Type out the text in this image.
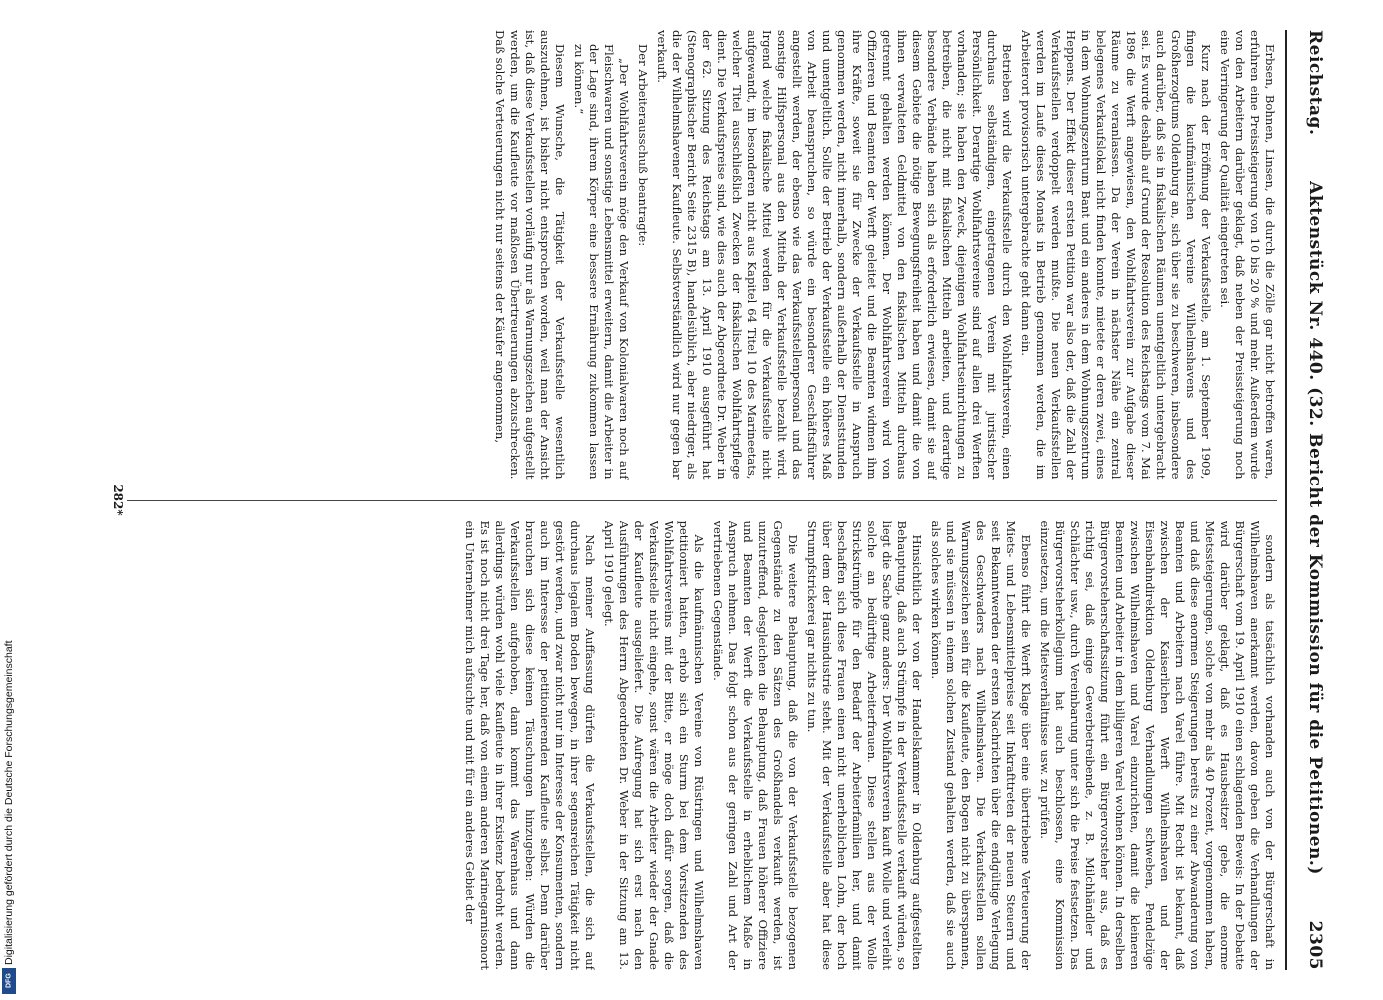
Digitalisierung gefördert durch die Deutsche Forschungsgemeinschaft
DFG
Reichstag.
Aktenstück Nr. 440. (32. Bericht der Kommission für die Petitionen.)
2305

Erbsen, Bohnen, Linsen, die durch die Zölle gar nicht betroffen waren, erfuhren eine Preissteigerung von 10 bis 20 % und mehr. Außerdem wurde von den Arbeitern darüber geklagt, daß neben der Preissteigerung noch eine Verringerung der Qualität eingetreten sei.

Kurz nach der Eröffnung der Verkaufsstelle, am 1. September 1909, fingen die kaufmännischen Vereine Wilhelmshavens und des Großherzogtums Oldenburg an, sich über sie zu beschweren, insbesondere auch darüber, daß sie in fiskalischen Räumen unentgeltlich untergebracht sei. Es wurde deshalb auf Grund der Resolution des Reichstags vom 7. Mai 1896 die Werft angewiesen, den Wohlfahrtsverein zur Aufgabe dieser Räume zu veranlassen. Da der Verein in nächster Nähe ein zentral belegenes Verkaufslokal nicht finden konnte, mietete er deren zwei, eines in dem Wohnungszentrum Bant und ein anderes in dem Wohnungszentrum Heppens. Der Effekt dieser ersten Petition war also der, daß die Zahl der Verkaufsstellen verdoppelt werden mußte. Die neuen Verkaufsstellen werden im Laufe dieses Monats in Betrieb genommen werden, die im Arbeiterort provisorisch untergebrachte geht dann ein.

Betrieben wird die Verkaufsstelle durch den Wohlfahrtsverein, einen durchaus selbständigen, eingetragenen Verein mit juristischer Persönlichkeit. Derartige Wohlfahrtsvereine sind auf allen drei Werften vorhanden; sie haben den Zweck, diejenigen Wohlfahrtseinrichtungen zu betreiben, die nicht mit fiskalischen Mitteln arbeiten, und derartige besondere Verbände haben sich als erforderlich erwiesen, damit sie auf diesem Gebiete die nötige Bewegungsfreiheit haben und damit die von ihnen verwalteten Geldmittel von den fiskalischen Mitteln durchaus getrennt gehalten werden können. Der Wohlfahrtsverein wird von Offizieren und Beamten der Werft geleitet und die Beamten widmen ihm ihre Kräfte, soweit sie für Zwecke der Verkaufsstelle in Anspruch genommen werden, nicht innerhalb, sondern außerhalb der Dienststunden und unentgeltlich. Sollte der Betrieb der Verkaufsstelle ein höheres Maß von Arbeit beanspruchen, so würde ein besonderer Geschäftsführer angestellt werden, der ebenso wie das Verkaufsstellenpersonal und das sonstige Hilfspersonal aus den Mitteln der Verkaufsstelle bezahlt wird. Irgend welche fiskalische Mittel werden für die Verkaufsstelle nicht aufgewandt, im besonderen nicht aus Kapitel 64 Titel 10 des Marineetats, welcher Titel ausschließlich Zwecken der fiskalischen Wohlfahrtspflege dient. Die Verkaufspreise sind, wie dies auch der Abgeordnete Dr. Weber in der 62. Sitzung des Reichstags am 13. April 1910 ausgeführt hat (Stenographischer Bericht Seite 2315 B), handelsüblich, aber niedriger, als die der Wilhelmshavener Kaufleute. Selbstverständlich wird nur gegen bar verkauft.

Der Arbeiterausschuß beantragte:

„Der Wohlfahrtsverein möge den Verkauf von Kolonialwaren noch auf Fleischwaren und sonstige Lebensmittel erweitern, damit die Arbeiter in der Lage sind, ihrem Körper eine bessere Ernährung zukommen lassen zu können.“

Diesem Wunsche, die Tätigkeit der Verkaufsstelle wesentlich auszudehnen, ist bisher nicht entsprochen worden, weil man der Ansicht ist, daß diese Verkaufsstellen vorläufig nur als Warnungszeichen aufgestellt werden, um die Kaufleute vor maßlosen Übertreuerungen abzuschrecken. Daß solche Verteuerungen nicht nur seitens der Käufer angenommen,

sondern als tatsächlich vorhanden auch von der Bürgerschaft in Wilhelmshaven anerkannt werden, davon geben die Verhandlungen der Bürgerschaft vom 19. April 1910 einen schlagenden Beweis: In der Debatte wird darüber geklagt, daß es Hausbesitzer gebe, die enorme Mietssteigerungen, solche von mehr als 40 Prozent, vorgenommen haben, und daß diese enormen Steigerungen bereits zu einer Abwanderung von Beamten und Arbeitern nach Varel führe. Mit Recht ist bekannt, daß zwischen der Kaiserlichen Werft Wilhelmshaven und der Eisenbahndirektion Oldenburg Verhandlungen schweben, Pendelzüge zwischen Wilhelmshaven und Varel einzurichten, damit die kleineren Beamten und Arbeiter in dem billigeren Varel wohnen können. In derselben Bürgervorsteherschaftssitzung führt ein Bürgervorsteher aus, daß es richtig sei, daß einige Gewerbetreibende, z. B. Milchhändler und Schlächter usw., durch Vereinbarung unter sich die Preise festsetzen. Das Bürgervorsteherkollegium hat auch beschlossen, eine Kommission einzusetzen, um die Mietsverhältnisse usw. zu prüfen.

Ebenso führt die Werft Klage über eine übertriebene Verteuerung der Miets- und Lebensmittelpreise seit Inkrafttreten der neuen Steuern und seit Bekanntwerden der ersten Nachrichten über die endgültige Verlegung des Geschwaders nach Wilhelmshaven. Die Verkaufsstellen sollen Warnungszeichen sein für die Kaufleute, den Bogen nicht zu überspannen, und sie müssen in einem solchen Zustand gehalten werden, daß sie auch als solches wirken können.

Hinsichtlich der von der Handelskammer in Oldenburg aufgestellten Behauptung, daß auch Strümpfe in der Verkaufsstelle verkauft würden, so liegt die Sache ganz anders: Der Wohlfahrtsverein kauft Wolle und verleiht solche an bedürftige Arbeiterfrauen. Diese stellen aus der Wolle Strickstrümpfe für den Bedarf der Arbeiterfamilien her, und damit beschaffen sich diese Frauen einen nicht unerheblichen Lohn, der hoch über dem der Hausindustrie steht. Mit der Verkaufsstelle aber hat diese Strumpfstrickerei gar nichts zu tun.

Die weitere Behauptung, daß die von der Verkaufsstelle bezogenen Gegenstände zu den Sätzen des Großhandels verkauft werden, ist unzutreffend, desgleichen die Behauptung, daß Frauen höherer Offiziere und Beamten der Werft die Verkaufsstelle in erheblichem Maße in Anspruch nehmen. Das folgt schon aus der geringen Zahl und Art der vertriebenen Gegenstände.

Als die kaufmännischen Vereine von Rüstringen und Wilhelmshaven petitioniert hatten, erhob sich ein Sturm bei dem Vorsitzenden des Wohlfahrtsvereins mit der Bitte, er möge doch dafür sorgen, daß die Verkaufsstelle nicht eingehe, sonst wären die Arbeiter wieder der Gnade der Kaufleute ausgeliefert. Die Aufregung hat sich erst nach den Ausführungen des Herrn Abgeordneten Dr. Weber in der Sitzung am 13. April 1910 gelegt.

Nach meiner Auffassung dürfen die Verkaufsstellen, die sich auf durchaus legalem Boden bewegen, in ihrer segensreichen Tätigkeit nicht gestört werden, und zwar nicht nur im Interesse der Konsumenten, sondern auch im Interesse der petitionierenden Kaufleute selbst. Denn darüber brauchen sich diese keinen Täuschungen hinzugeben: Würden die Verkaufsstellen aufgehoben, dann kommt das Warenhaus und dann allerdings würden wohl viele Kaufleute in ihrer Existenz bedroht werden. Es ist noch nicht drei Tage her, daß von einem anderen Marinegarnisonort ein Unternehmer mich aufsuchte und mit für ein anderes Gebiet der

282*
